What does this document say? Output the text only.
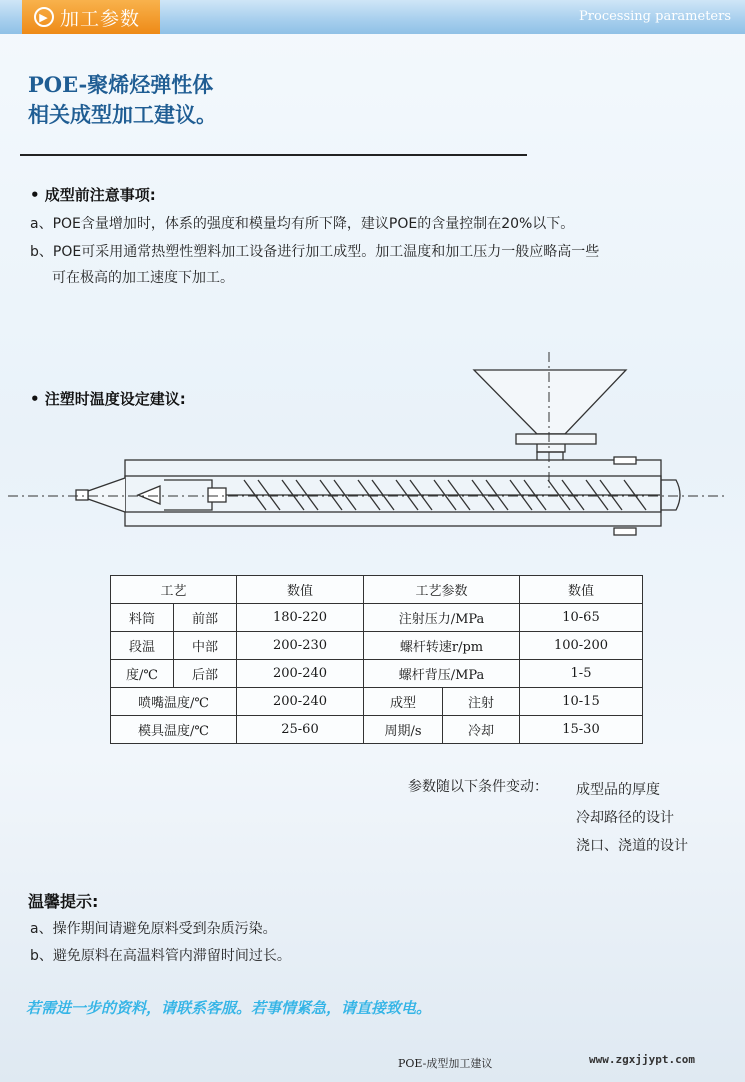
▶ 加工参数	Processing parameters
POE-聚烯烃弹性体
相关成型加工建议。
• 成型前注意事项:
a、POE含量增加时，体系的强度和模量均有所下降，建议POE的含量控制在20%以下。
b、POE可采用通常热塑性塑料加工设备进行加工成型。加工温度和加工压力一般应略高一些
可在极高的加工速度下加工。
• 注塑时温度设定建议:
工艺		数值	工艺参数		数值
料筒	前部	180-220	注射压力/MPa		10-65
段温	中部	200-230	螺杆转速r/pm		100-200
度/℃	后部	200-240	螺杆背压/MPa		1-5
喷嘴温度/℃		200-240	成型	注射	10-15
模具温度/℃		25-60	周期/s	冷却	15-30
参数随以下条件变动： 成型品的厚度
冷却路径的设计
浇口、浇道的设计
温馨提示:
a、操作期间请避免原料受到杂质污染。
b、避免原料在高温料管内滞留时间过长。
若需进一步的资料，请联系客服。若事情紧急，请直接致电。
POE-成型加工建议	www.zgxjjypt.com
